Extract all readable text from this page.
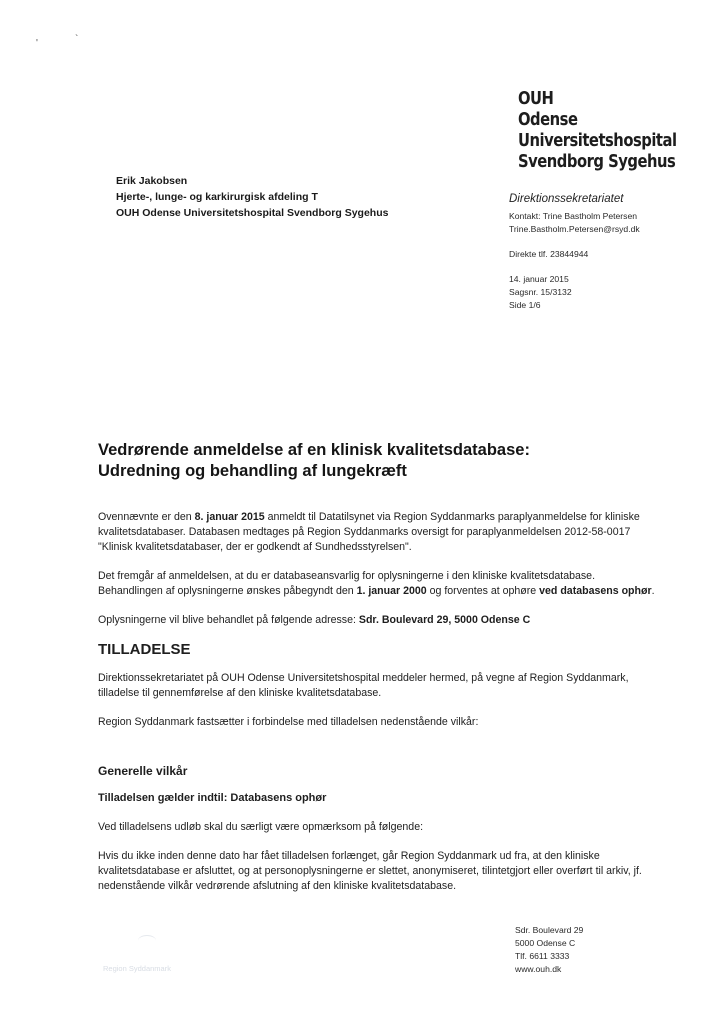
'	`
OUH
Odense
Universitetshospital
Svendborg Sygehus
Erik Jakobsen
Hjerte-, lunge- og karkirurgisk afdeling T
OUH Odense Universitetshospital Svendborg Sygehus
Direktionssekretariatet
Kontakt: Trine Bastholm Petersen
Trine.Bastholm.Petersen@rsyd.dk
Direkte tlf. 23844944
14. januar 2015
Sagsnr. 15/3132
Side 1/6
Vedrørende anmeldelse af en klinisk kvalitetsdatabase:
Udredning og behandling af lungekræft

Ovennævnte er den 8. januar 2015 anmeldt til Datatilsynet via Region Syddanmarks paraplyanmeldelse for kliniske kvalitetsdatabaser. Databasen medtages på Region Syddanmarks oversigt for paraplyanmeldelsen 2012-58-0017 "Klinisk kvalitetsdatabaser, der er godkendt af Sundhedsstyrelsen".

Det fremgår af anmeldelsen, at du er databaseansvarlig for oplysningerne i den kliniske kvalitetsdatabase. Behandlingen af oplysningerne ønskes påbegyndt den 1. januar 2000 og forventes at ophøre ved databasens ophør.

Oplysningerne vil blive behandlet på følgende adresse: Sdr. Boulevard 29, 5000 Odense C

TILLADELSE

Direktionssekretariatet på OUH Odense Universitetshospital meddeler hermed, på vegne af Region Syddanmark, tilladelse til gennemførelse af den kliniske kvalitetsdatabase.

Region Syddanmark fastsætter i forbindelse med tilladelsen nedenstående vilkår:

Generelle vilkår
Tilladelsen gælder indtil: Databasens ophør

Ved tilladelsens udløb skal du særligt være opmærksom på følgende:

Hvis du ikke inden denne dato har fået tilladelsen forlænget, går Region Syddanmark ud fra, at den kliniske kvalitetsdatabase er afsluttet, og at personoplysningerne er slettet, anonymiseret, tilintetgjort eller overført til arkiv, jf. nedenstående vilkår vedrørende afslutning af den kliniske kvalitetsdatabase.

Sdr. Boulevard 29
5000 Odense C
Tlf. 6611 3333
www.ouh.dk
Region Syddanmark
